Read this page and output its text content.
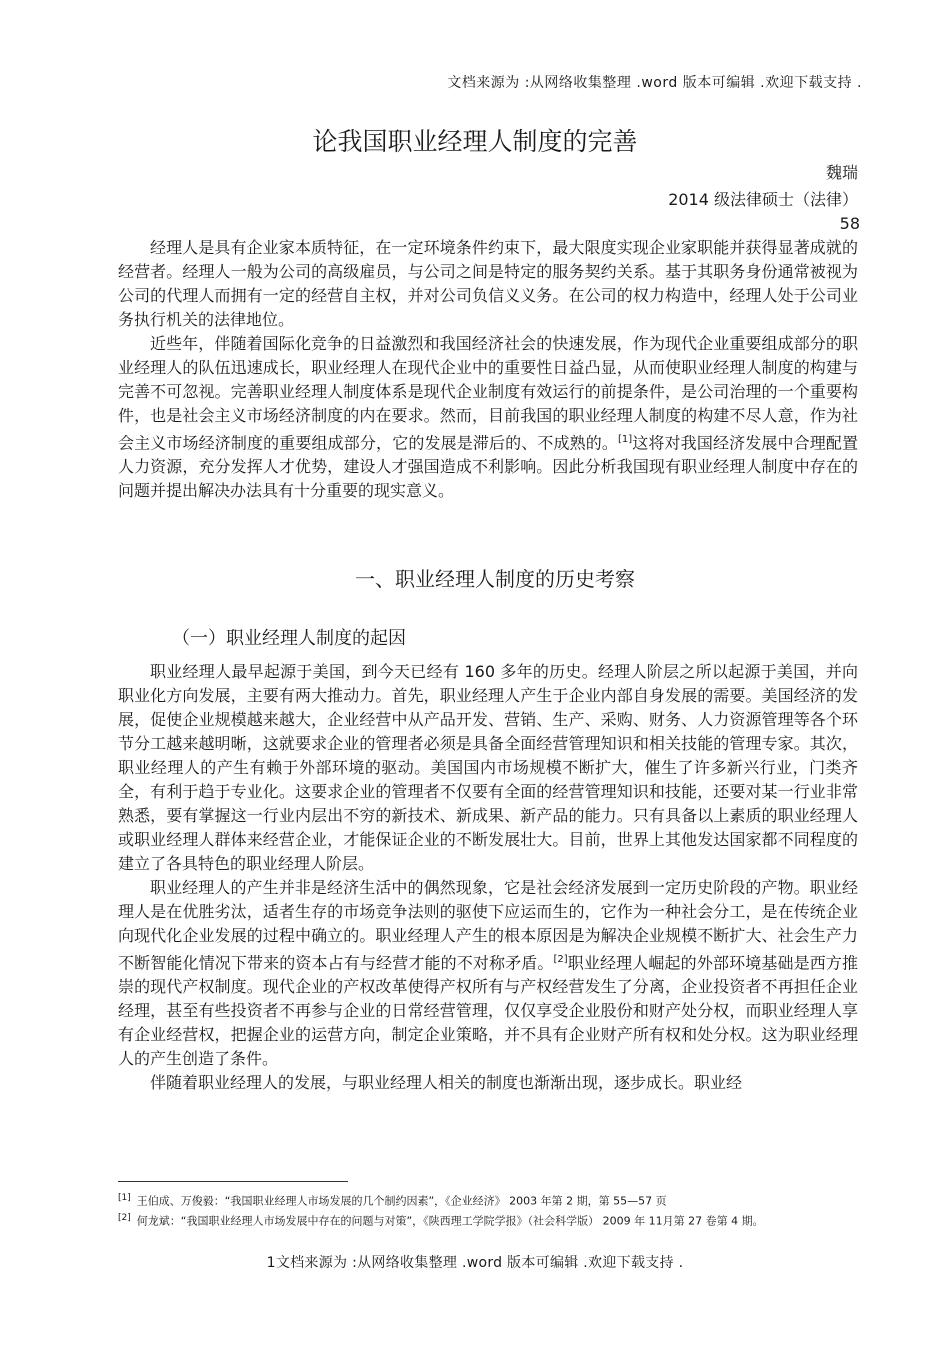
文档来源为 :从网络收集整理 .word 版本可编辑 .欢迎下载支持 .
论我国职业经理人制度的完善
魏瑞
2014 级法律硕士（法律）
58

经理人是具有企业家本质特征，在一定环境条件约束下，最大限度实现企业家职能并获得显著成就的经营者。经理人一般为公司的高级雇员，与公司之间是特定的服务契约关系。基于其职务身份通常被视为公司的代理人而拥有一定的经营自主权，并对公司负信义义务。在公司的权力构造中，经理人处于公司业务执行机关的法律地位。

近些年，伴随着国际化竞争的日益激烈和我国经济社会的快速发展，作为现代企业重要组成部分的职业经理人的队伍迅速成长，职业经理人在现代企业中的重要性日益凸显，从而使职业经理人制度的构建与完善不可忽视。完善职业经理人制度体系是现代企业制度有效运行的前提条件，是公司治理的一个重要构件，也是社会主义市场经济制度的内在要求。然而，目前我国的职业经理人制度的构建不尽人意，作为社会主义市场经济制度的重要组成部分，它的发展是滞后的、不成熟的。[1]这将对我国经济发展中合理配置人力资源，充分发挥人才优势，建设人才强国造成不利影响。因此分析我国现有职业经理人制度中存在的问题并提出解决办法具有十分重要的现实意义。

一、职业经理人制度的历史考察
（一）职业经理人制度的起因

职业经理人最早起源于美国，到今天已经有 160 多年的历史。经理人阶层之所以起源于美国，并向职业化方向发展，主要有两大推动力。首先，职业经理人产生于企业内部自身发展的需要。美国经济的发展，促使企业规模越来越大，企业经营中从产品开发、营销、生产、采购、财务、人力资源管理等各个环节分工越来越明晰，这就要求企业的管理者必须是具备全面经营管理知识和相关技能的管理专家。其次，职业经理人的产生有赖于外部环境的驱动。美国国内市场规模不断扩大，催生了许多新兴行业，门类齐全，有利于趋于专业化。这要求企业的管理者不仅要有全面的经营管理知识和技能，还要对某一行业非常熟悉，要有掌握这一行业内层出不穷的新技术、新成果、新产品的能力。只有具备以上素质的职业经理人或职业经理人群体来经营企业，才能保证企业的不断发展壮大。目前，世界上其他发达国家都不同程度的建立了各具特色的职业经理人阶层。

职业经理人的产生并非是经济生活中的偶然现象，它是社会经济发展到一定历史阶段的产物。职业经理人是在优胜劣汰，适者生存的市场竞争法则的驱使下应运而生的，它作为一种社会分工，是在传统企业向现代化企业发展的过程中确立的。职业经理人产生的根本原因是为解决企业规模不断扩大、社会生产力不断智能化情况下带来的资本占有与经营才能的不对称矛盾。[2]职业经理人崛起的外部环境基础是西方推崇的现代产权制度。现代企业的产权改革使得产权所有与产权经营发生了分离，企业投资者不再担任企业经理，甚至有些投资者不再参与企业的日常经营管理，仅仅享受企业股份和财产处分权，而职业经理人享有企业经营权，把握企业的运营方向，制定企业策略，并不具有企业财产所有权和处分权。这为职业经理人的产生创造了条件。

伴随着职业经理人的发展，与职业经理人相关的制度也渐渐出现，逐步成长。职业经

[1] 王伯成、万俊毅：“我国职业经理人市场发展的几个制约因素”，《企业经济》 2003 年第 2 期，第 55—57 页
[2] 何龙斌：“我国职业经理人市场发展中存在的问题与对策”，《陕西理工学院学报》（社会科学版） 2009 年 11月第 27 卷第 4 期。
1文档来源为 :从网络收集整理 .word 版本可编辑 .欢迎下载支持 .
